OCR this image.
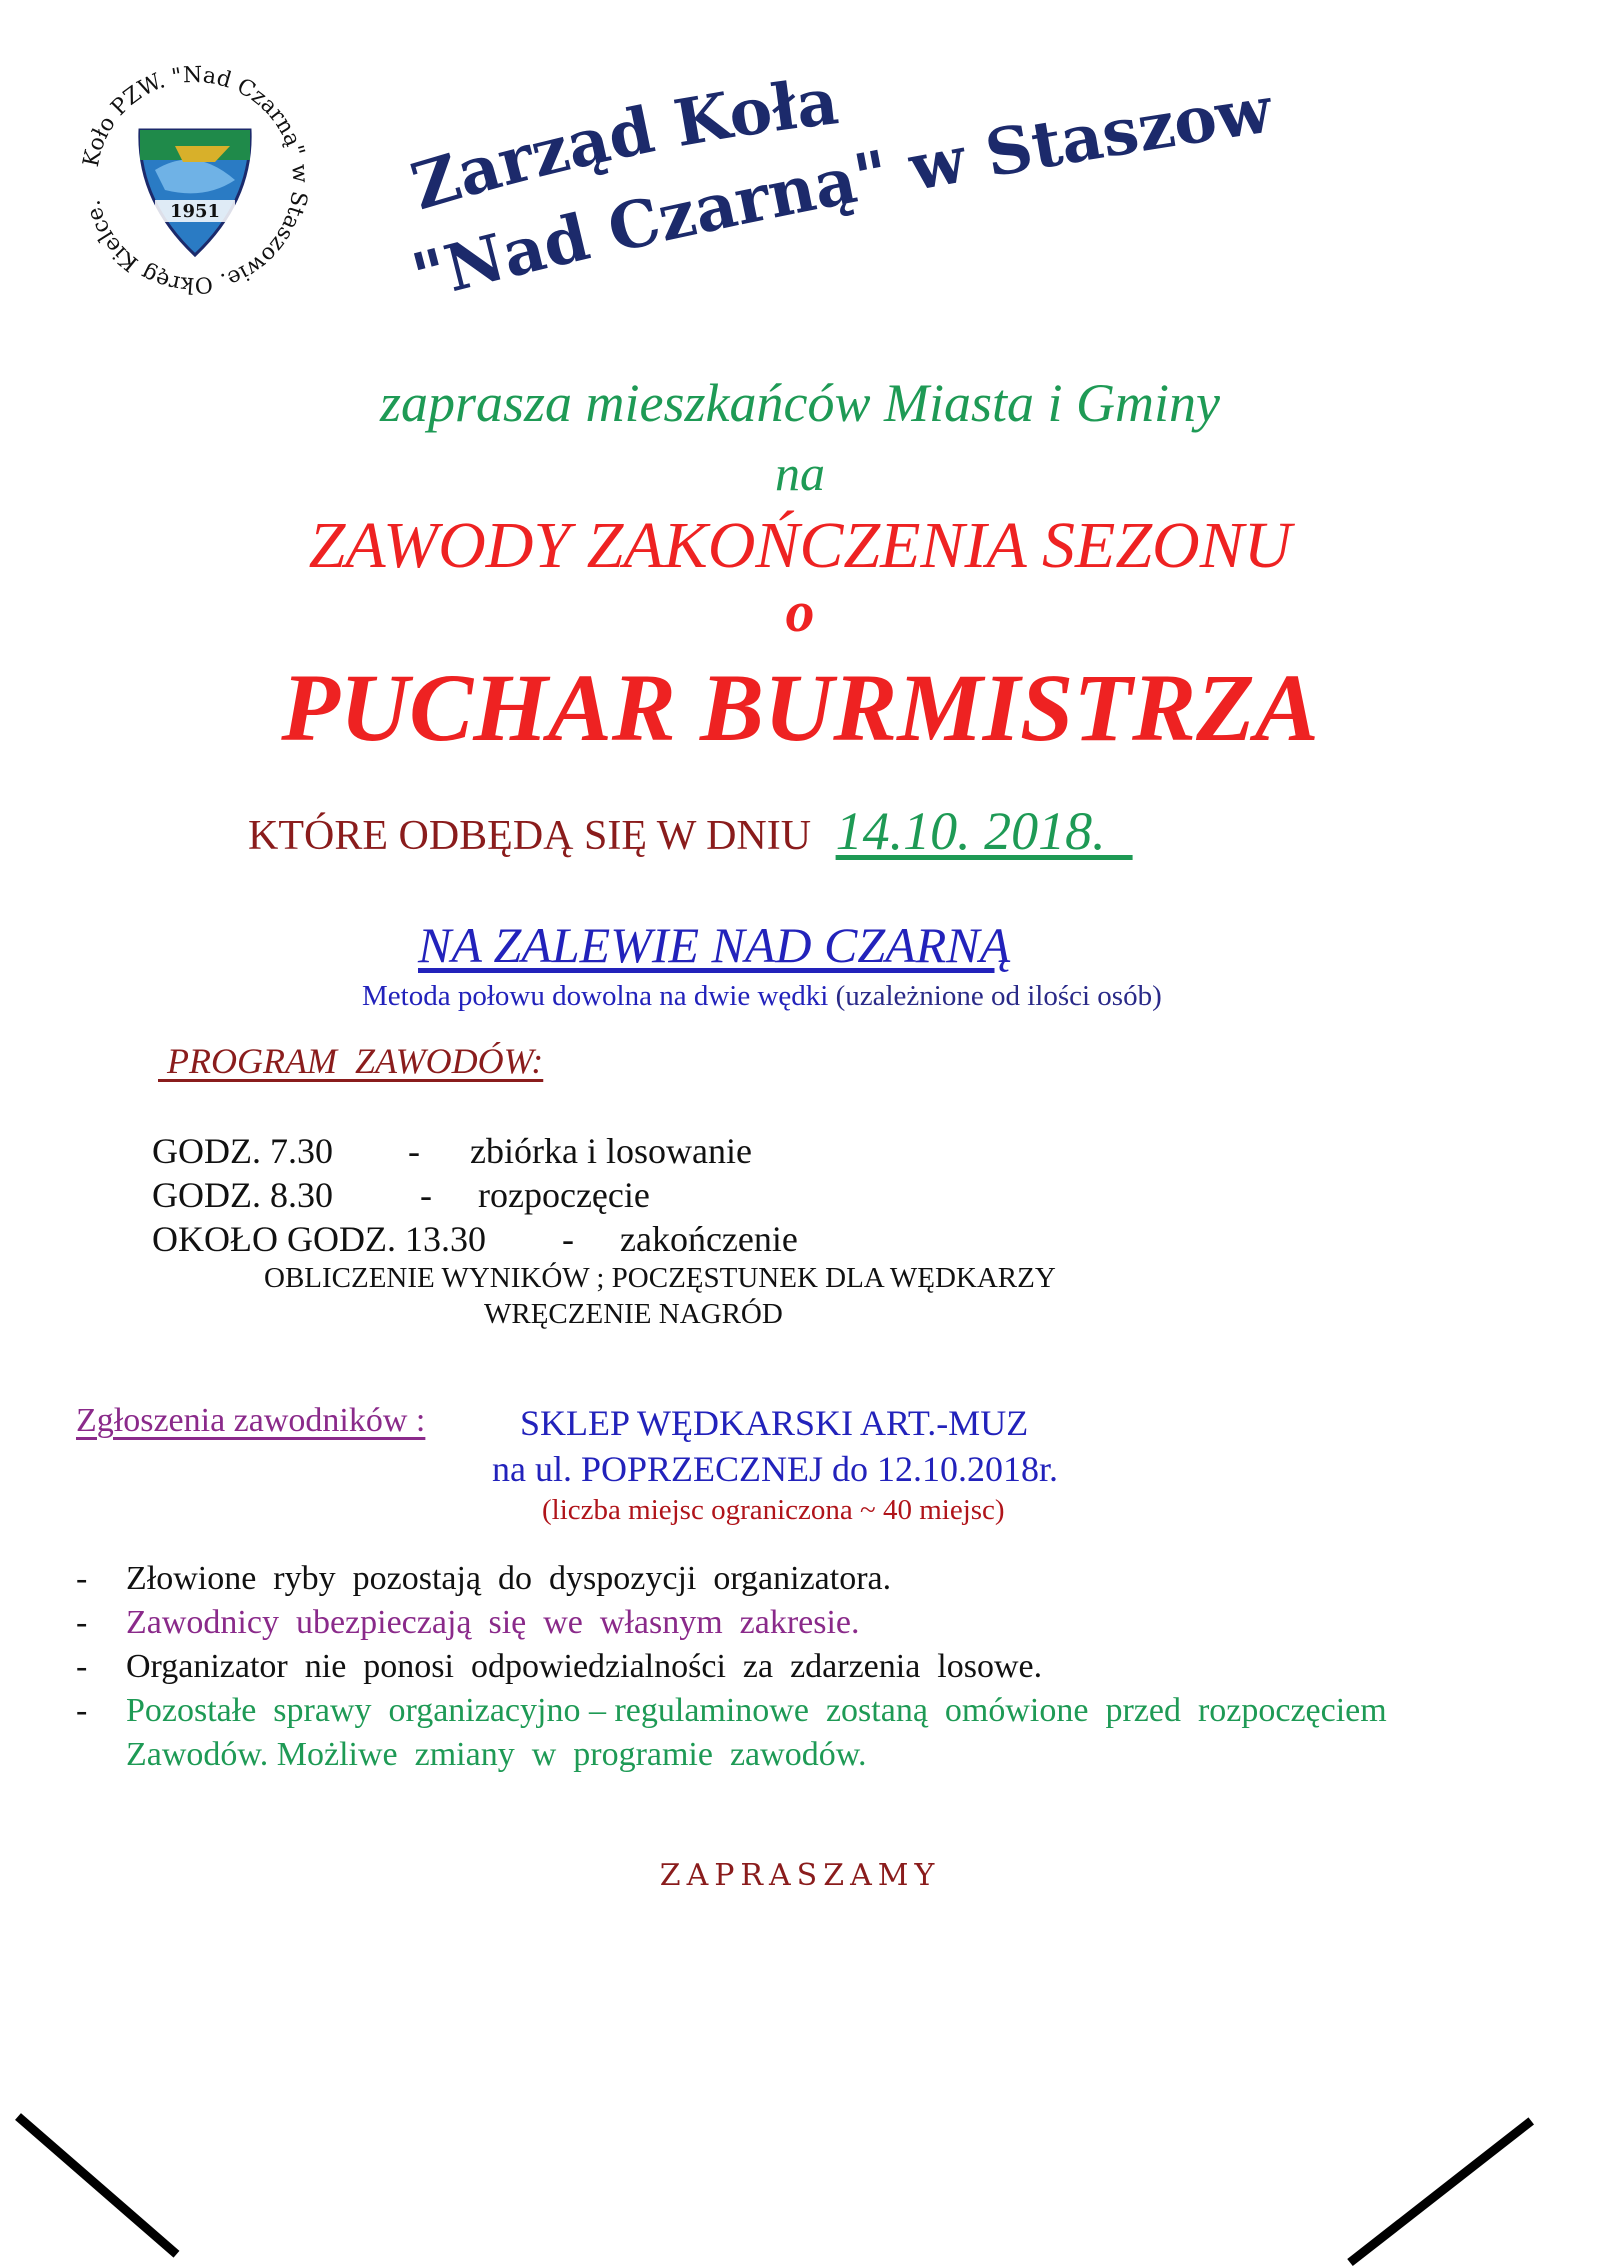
Koło PZW. "Nad Czarną" w Staszowie. Okręg Kielce.	1951	Zarząd Koła
"Nad Czarną" w Staszow
zaprasza mieszkańców Miasta i Gminy
na
ZAWODY ZAKOŃCZENIA SEZONU
o
PUCHAR BURMISTRZA
KTÓRE ODBĘDĄ SIĘ W DNIU 14.10. 2018.
NA ZALEWIE NAD CZARNĄ
Metoda połowu dowolna na dwie wędki (uzależnione od ilości osób)
PROGRAM  ZAWODÓW:
GODZ. 7.30 - zbiórka i losowanie
GODZ. 8.30 - rozpoczęcie
OKOŁO GODZ. 13.30 - zakończenie
OBLICZENIE WYNIKÓW ; POCZĘSTUNEK DLA WĘDKARZY
WRĘCZENIE NAGRÓD
Zgłoszenia zawodników :	SKLEP WĘDKARSKI ART.-MUZ
na ul. POPRZECZNEJ do 12.10.2018r.
(liczba miejsc ograniczona ~ 40 miejsc)
- Złowione  ryby  pozostają  do  dyspozycji  organizatora.
- Zawodnicy  ubezpieczają  się  we  własnym  zakresie.
- Organizator  nie  ponosi  odpowiedzialności  za  zdarzenia  losowe.
- Pozostałe  sprawy  organizacyjno – regulaminowe  zostaną  omówione  przed  rozpoczęciem
Zawodów. Możliwe  zmiany  w  programie  zawodów.
ZAPRASZAMY
